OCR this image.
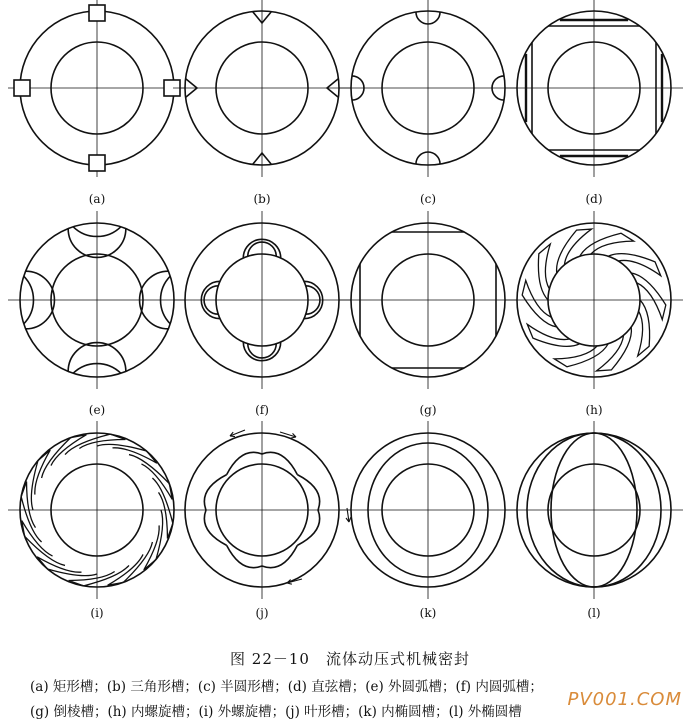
(a)	(b)	(c)	(d)
(e)	(f)	(g)	(h)
(i)	(j)	(k)	(l)
图 22－10　流体动压式机械密封
(a) 矩形槽；(b) 三角形槽；(c) 半圆形槽；(d) 直弦槽；(e) 外圆弧槽；(f) 内圆弧槽；
(g) 倒棱槽；(h) 内螺旋槽；(i) 外螺旋槽；(j) 叶形槽；(k) 内椭圆槽；(l) 外椭圆槽
PV001.COM
